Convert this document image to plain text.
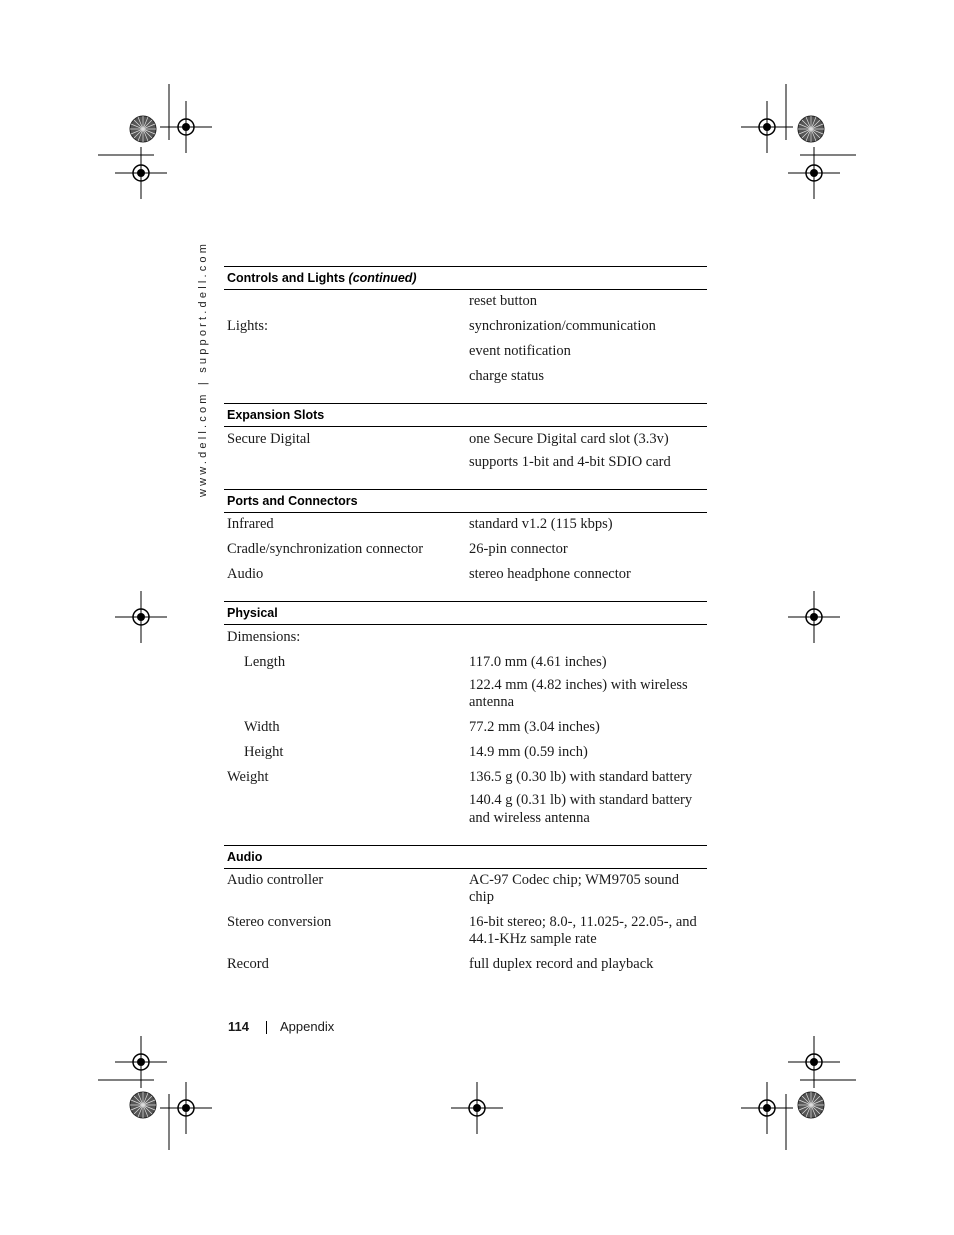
www.dell.com | support.dell.com Controls and Lights (continued)
reset button
Lights:	synchronization/communication
event notification
charge status
Expansion Slots
Secure Digital	one Secure Digital card slot (3.3v)
supports 1-bit and 4-bit SDIO card
Ports and Connectors
Infrared	standard v1.2 (115 kbps)
Cradle/synchronization connector	26-pin connector
Audio	stereo headphone connector
Physical
Dimensions:
Length	117.0 mm (4.61 inches)
122.4 mm (4.82 inches) with wireless
antenna
Width	77.2 mm (3.04 inches)
Height	14.9 mm (0.59 inch)
Weight	136.5 g (0.30 lb) with standard battery
140.4 g (0.31 lb) with standard battery
and wireless antenna
Audio
Audio controller	AC-97 Codec chip; WM9705 sound
chip
Stereo conversion	16-bit stereo; 8.0-, 11.025-, 22.05-, and
44.1-KHz sample rate
Record	full duplex record and playback
114 Appendix
